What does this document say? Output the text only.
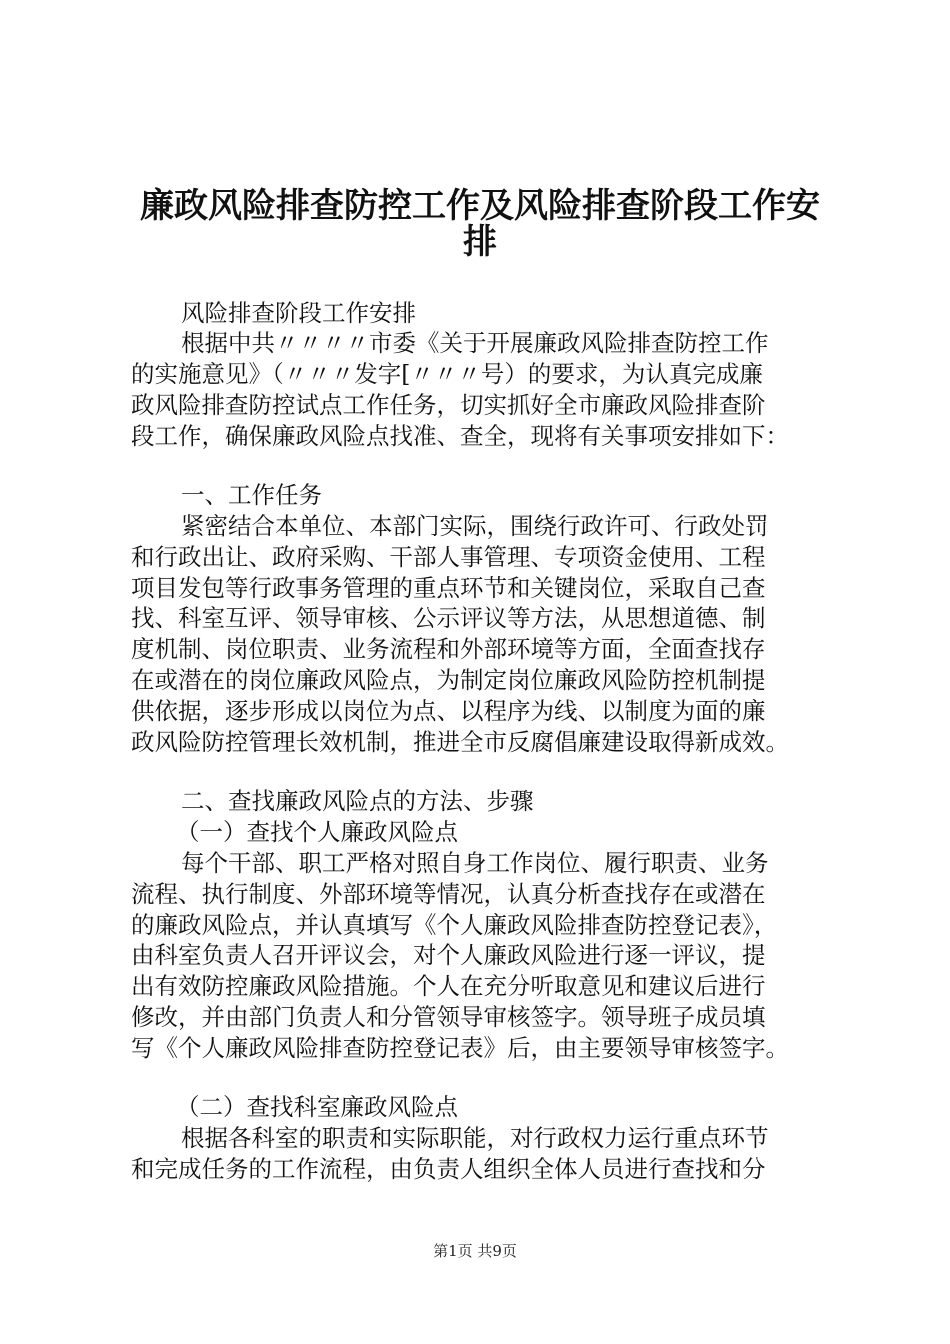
廉政风险排查防控工作及风险排查阶段工作安
排

风险排查阶段工作安排

根据中共〃〃〃〃市委《关于开展廉政风险排查防控工作

的实施意见》（〃〃〃发字[〃〃〃号）的要求，为认真完成廉

政风险排查防控试点工作任务，切实抓好全市廉政风险排查阶

段工作，确保廉政风险点找准、查全，现将有关事项安排如下：

一、工作任务

紧密结合本单位、本部门实际，围绕行政许可、行政处罚

和行政出让、政府采购、干部人事管理、专项资金使用、工程

项目发包等行政事务管理的重点环节和关键岗位，采取自己查

找、科室互评、领导审核、公示评议等方法，从思想道德、制

度机制、岗位职责、业务流程和外部环境等方面，全面查找存

在或潜在的岗位廉政风险点，为制定岗位廉政风险防控机制提

供依据，逐步形成以岗位为点、以程序为线、以制度为面的廉

政风险防控管理长效机制，推进全市反腐倡廉建设取得新成效。

二、查找廉政风险点的方法、步骤

（一）查找个人廉政风险点

每个干部、职工严格对照自身工作岗位、履行职责、业务

流程、执行制度、外部环境等情况，认真分析查找存在或潜在

的廉政风险点，并认真填写《个人廉政风险排查防控登记表》，

由科室负责人召开评议会，对个人廉政风险进行逐一评议，提

出有效防控廉政风险措施。个人在充分听取意见和建议后进行

修改，并由部门负责人和分管领导审核签字。领导班子成员填

写《个人廉政风险排查防控登记表》后，由主要领导审核签字。

（二）查找科室廉政风险点

根据各科室的职责和实际职能，对行政权力运行重点环节

和完成任务的工作流程，由负责人组织全体人员进行查找和分

第1页 共9页
